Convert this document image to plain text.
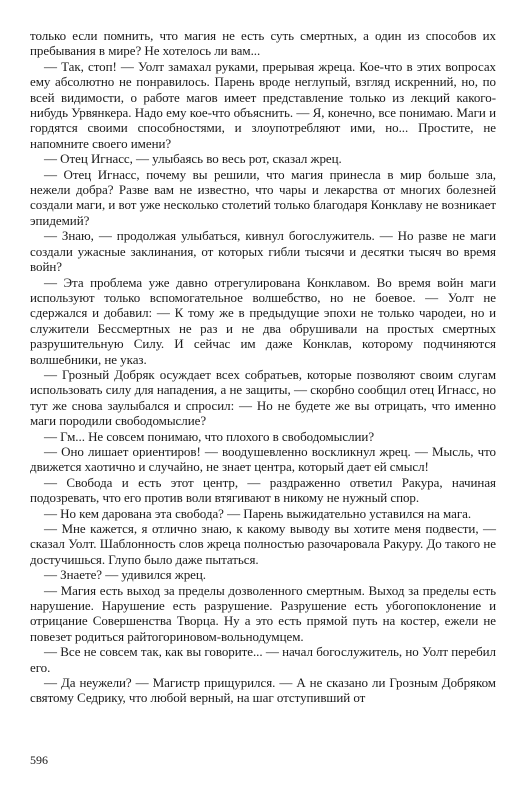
только если помнить, что магия не есть суть смертных, а один из способов их пребывания в мире? Не хотелось ли вам...

— Так, стоп! — Уолт замахал руками, прерывая жреца. Кое-что в этих вопросах ему абсолютно не понравилось. Парень вроде неглупый, взгляд искренний, но, по всей видимости, о работе магов имеет представление только из лекций какого-нибудь Урвянкера. Надо ему кое-что объяснить. — Я, конечно, все понимаю. Маги и гордятся своими способностями, и злоупотребляют ими, но... Простите, не напомните своего имени?

— Отец Игнасс, — улыбаясь во весь рот, сказал жрец.

— Отец Игнасс, почему вы решили, что магия принесла в мир больше зла, нежели добра? Разве вам не известно, что чары и лекарства от многих болезней создали маги, и вот уже несколько столетий только благодаря Конклаву не возникает эпидемий?

— Знаю, — продолжая улыбаться, кивнул богослужитель. — Но разве не маги создали ужасные заклинания, от которых гибли тысячи и десятки тысяч во время войн?

— Эта проблема уже давно отрегулирована Конклавом. Во время войн маги используют только вспомогательное волшебство, но не боевое. — Уолт не сдержался и добавил: — К тому же в предыдущие эпохи не только чародеи, но и служители Бессмертных не раз и не два обрушивали на простых смертных разрушительную Силу. И сейчас им даже Конклав, которому подчиняются волшебники, не указ.

— Грозный Добряк осуждает всех собратьев, которые позволяют своим слугам использовать силу для нападения, а не защиты, — скорбно сообщил отец Игнасс, но тут же снова заулыбался и спросил: — Но не будете же вы отрицать, что именно маги породили свободомыслие?

— Гм... Не совсем понимаю, что плохого в свободомыслии?

— Оно лишает ориентиров! — воодушевленно воскликнул жрец. — Мысль, что движется хаотично и случайно, не знает центра, который дает ей смысл!

— Свобода и есть этот центр, — раздраженно ответил Ракура, начиная подозревать, что его против воли втягивают в никому не нужный спор.

— Но кем дарована эта свобода? — Парень выжидательно уставился на мага.

— Мне кажется, я отлично знаю, к какому выводу вы хотите меня подвести, — сказал Уолт. Шаблонность слов жреца полностью разочаровала Ракуру. До такого не достучишься. Глупо было даже пытаться.

— Знаете? — удивился жрец.

— Магия есть выход за пределы дозволенного смертным. Выход за пределы есть нарушение. Нарушение есть разрушение. Разрушение есть убогопоклонение и отрицание Совершенства Творца. Ну а это есть прямой путь на костер, ежели не повезет родиться райтогориновом-вольнодумцем.

— Все не совсем так, как вы говорите... — начал богослужитель, но Уолт перебил его.

— Да неужели? — Магистр прищурился. — А не сказано ли Грозным Добряком святому Седрику, что любой верный, на шаг отступивший от

596
